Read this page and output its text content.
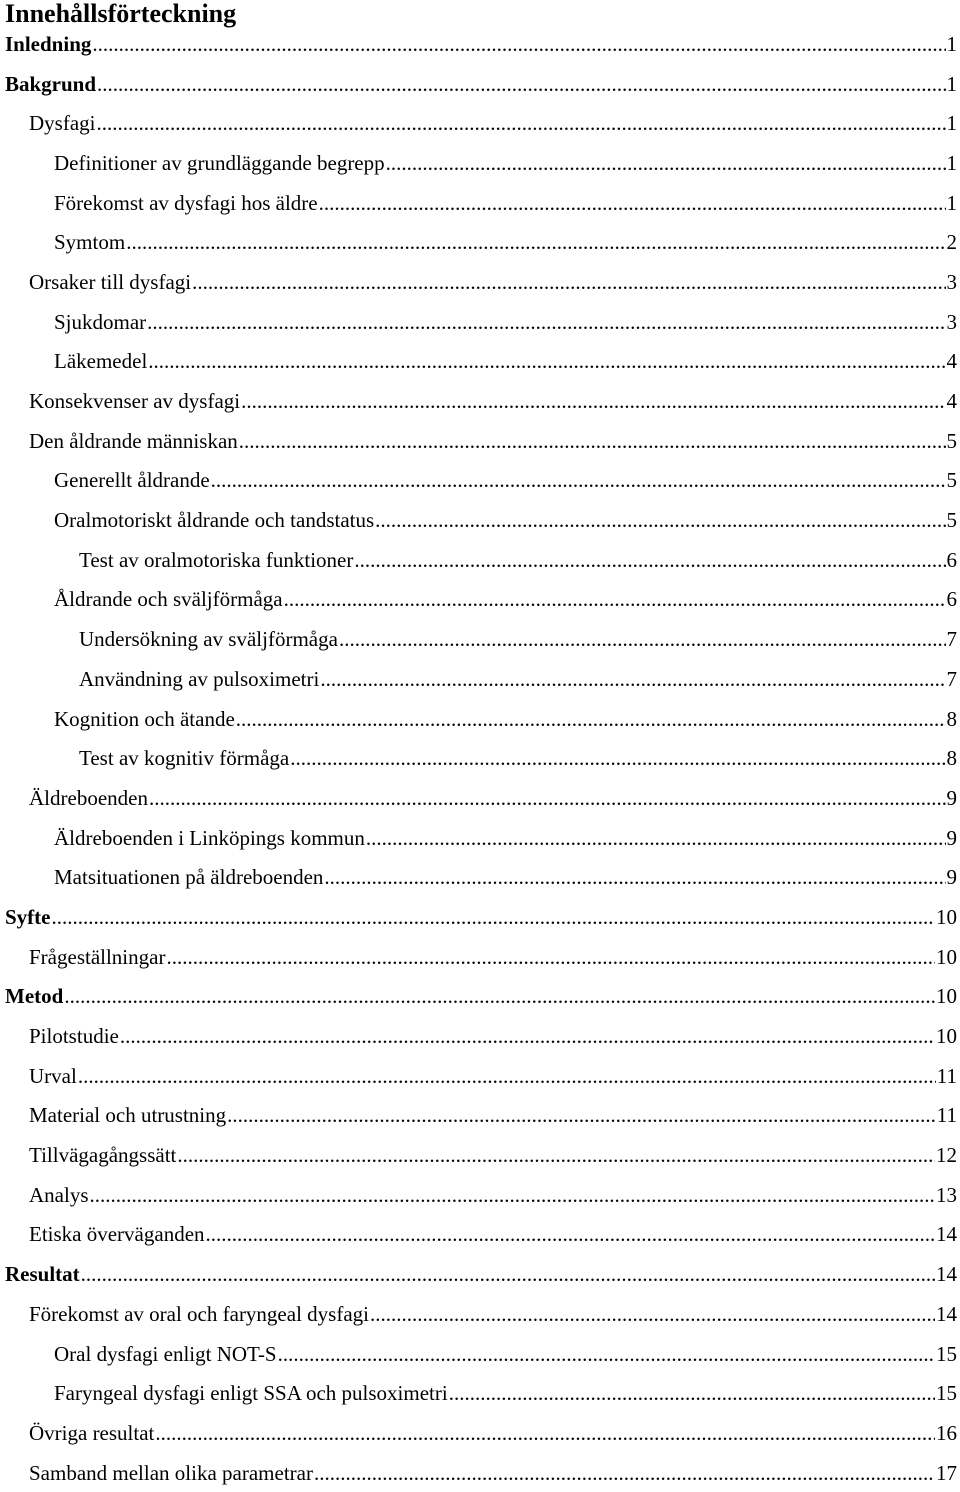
Innehållsförteckning
Inledning .....	1
Bakgrund .....	1
Dysfagi .....	1
Definitioner av grundläggande begrepp .....	1
Förekomst av dysfagi hos äldre .....	1
Symtom .....	2
Orsaker till dysfagi .....	3
Sjukdomar .....	3
Läkemedel .....	4
Konsekvenser av dysfagi .....	4
Den åldrande människan .....	5
Generellt åldrande .....	5
Oralmotoriskt åldrande och tandstatus .....	5
Test av oralmotoriska funktioner .....	6
Åldrande och sväljförmåga .....	6
Undersökning av sväljförmåga .....	7
Användning av pulsoximetri .....	7
Kognition och ätande .....	8
Test av kognitiv förmåga .....	8
Äldreboenden .....	9
Äldreboenden i Linköpings kommun .....	9
Matsituationen på äldreboenden .....	9
Syfte .....	10
Frågeställningar .....	10
Metod .....	10
Pilotstudie .....	10
Urval .....	11
Material och utrustning .....	11
Tillvägagångssätt .....	12
Analys .....	13
Etiska överväganden .....	14
Resultat .....	14
Förekomst av oral och faryngeal dysfagi .....	14
Oral dysfagi enligt NOT-S .....	15
Faryngeal dysfagi enligt SSA och pulsoximetri .....	15
Övriga resultat .....	16
Samband mellan olika parametrar .....	17
